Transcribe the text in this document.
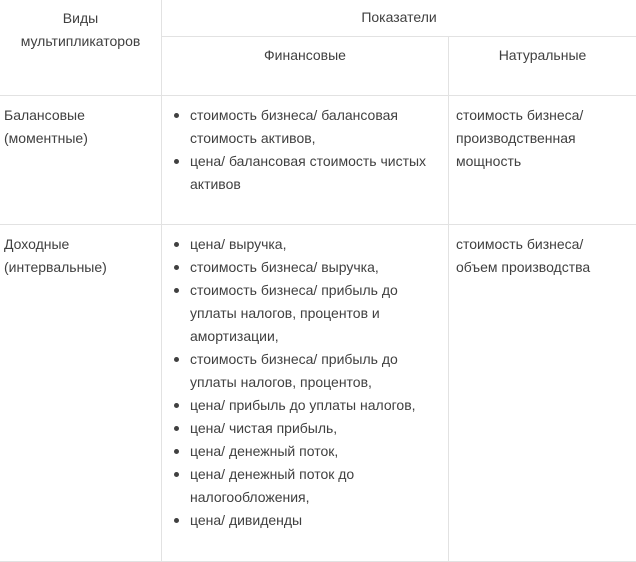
Виды
мультипликаторов
Показатели
Финансовые	Натуральные
Балансовые
(моментные)
стоимость бизнеса/ балансовая стоимость активов,
цена/ балансовая стоимость чистых активов
стоимость бизнеса/
производственная
мощность
Доходные
(интервальные)
цена/ выручка,
стоимость бизнеса/ выручка,
стоимость бизнеса/ прибыль до уплаты налогов, процентов и амортизации,
стоимость бизнеса/ прибыль до уплаты налогов, процентов,
цена/ прибыль до уплаты налогов,
цена/ чистая прибыль,
цена/ денежный поток,
цена/ денежный поток до налогообложения,
цена/ дивиденды
стоимость бизнеса/
объем производства
